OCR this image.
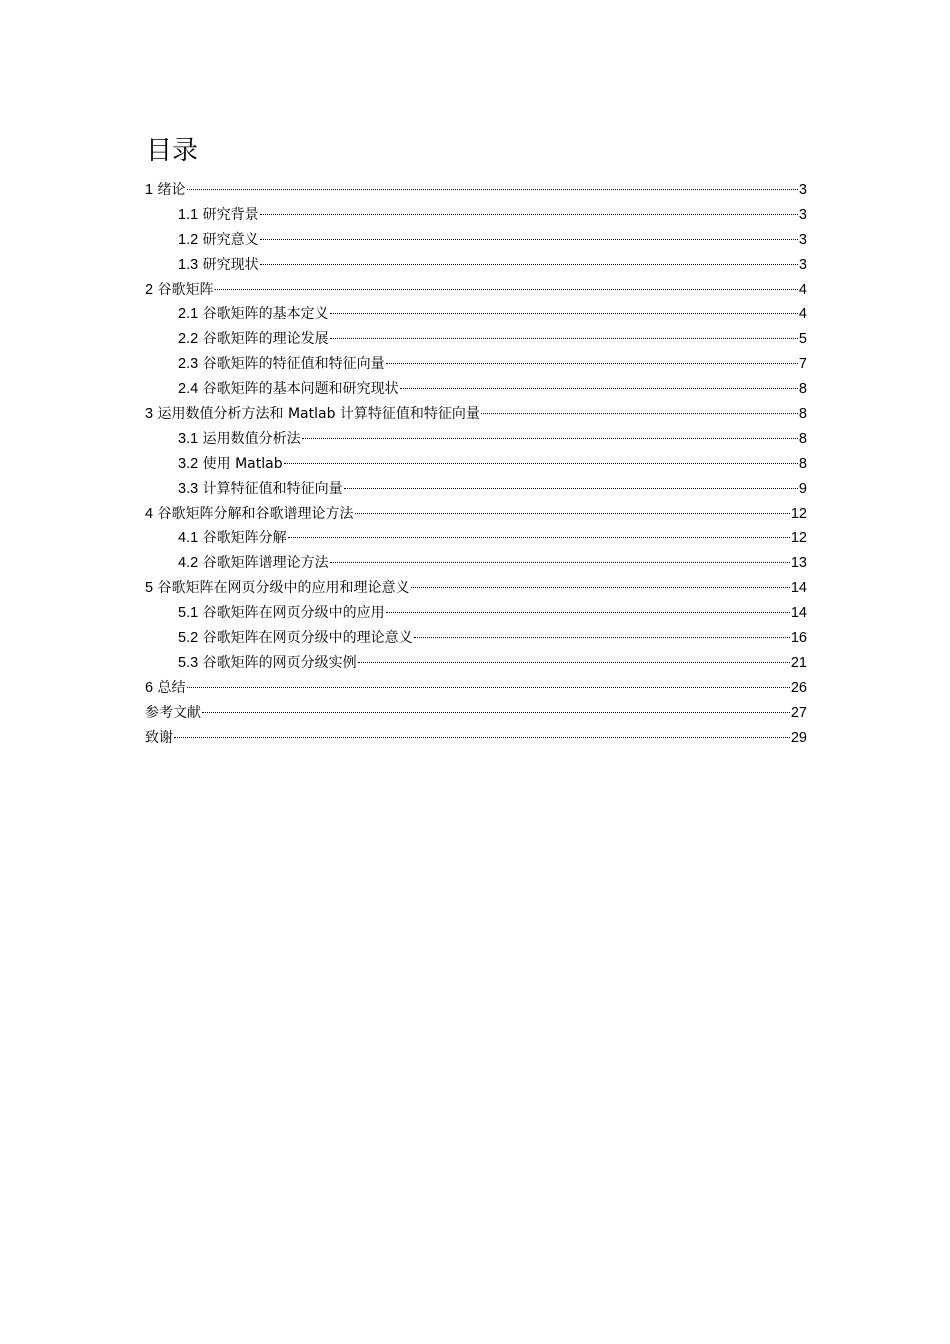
目录
1 绪论	3
1.1 研究背景	3
1.2 研究意义	3
1.3 研究现状	3
2 谷歌矩阵	4
2.1 谷歌矩阵的基本定义	4
2.2 谷歌矩阵的理论发展	5
2.3 谷歌矩阵的特征值和特征向量	7
2.4 谷歌矩阵的基本问题和研究现状	8
3 运用数值分析方法和 Matlab 计算特征值和特征向量	8
3.1 运用数值分析法	8
3.2 使用 Matlab	8
3.3 计算特征值和特征向量	9
4 谷歌矩阵分解和谷歌谱理论方法	12
4.1 谷歌矩阵分解	12
4.2 谷歌矩阵谱理论方法	13
5 谷歌矩阵在网页分级中的应用和理论意义	14
5.1 谷歌矩阵在网页分级中的应用	14
5.2 谷歌矩阵在网页分级中的理论意义	16
5.3 谷歌矩阵的网页分级实例	21
6 总结	26
参考文献	27
致谢	29
